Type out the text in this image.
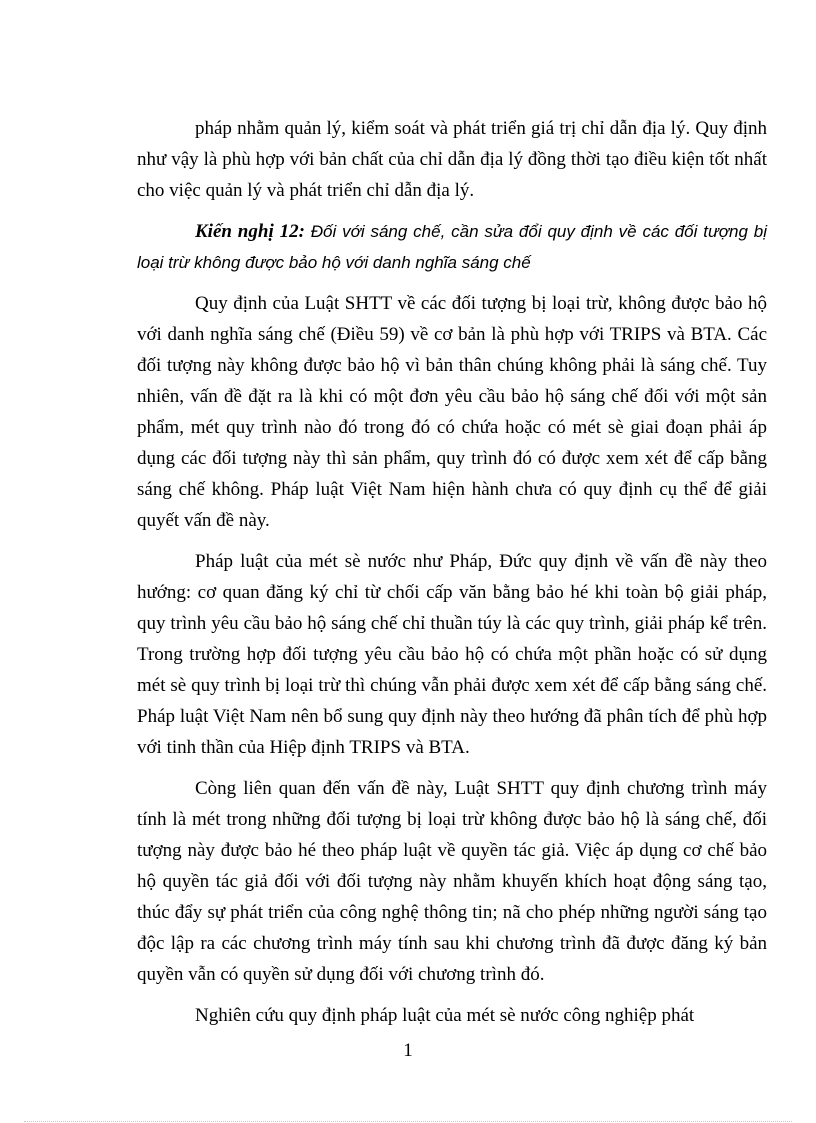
pháp nhằm quản lý, kiểm soát và phát triển giá trị chỉ dẫn địa lý. Quy định như vậy là phù hợp với bản chất của chỉ dẫn địa lý đồng thời tạo điều kiện tốt nhất cho việc quản lý và phát triển chỉ dẫn địa lý.

Kiến nghị 12: Đối với sáng chế, cần sửa đổi quy định về các đối tượng bị loại trừ không được bảo hộ với danh nghĩa sáng chế

Quy định của Luật SHTT về các đối tượng bị loại trừ, không được bảo hộ với danh nghĩa sáng chế (Điều 59) về cơ bản là phù hợp với TRIPS và BTA. Các đối tượng này không được bảo hộ vì bản thân chúng không phải là sáng chế. Tuy nhiên, vấn đề đặt ra là khi có một đơn yêu cầu bảo hộ sáng chế đối với một sản phẩm, mét quy trình nào đó trong đó có chứa hoặc có mét sè giai đoạn phải áp dụng các đối tượng này thì sản phẩm, quy trình đó có được xem xét để cấp bằng sáng chế không. Pháp luật Việt Nam hiện hành chưa có quy định cụ thể để giải quyết vấn đề này.

Pháp luật của mét sè nước như Pháp, Đức quy định về vấn đề này theo hướng: cơ quan đăng ký chỉ từ chối cấp văn bằng bảo hé khi toàn bộ giải pháp, quy trình yêu cầu bảo hộ sáng chế chỉ thuần túy là các quy trình, giải pháp kể trên. Trong trường hợp đối tượng yêu cầu bảo hộ có chứa một phần hoặc có sử dụng mét sè quy trình bị loại trừ thì chúng vẫn phải được xem xét để cấp bằng sáng chế. Pháp luật Việt Nam nên bổ sung quy định này theo hướng đã phân tích để phù hợp với tinh thần của Hiệp định TRIPS và BTA.

Còng liên quan đến vấn đề này, Luật SHTT quy định chương trình máy tính là mét trong những đối tượng bị loại trừ không được bảo hộ là sáng chế, đối tượng này được bảo hé theo pháp luật về quyền tác giả. Việc áp dụng cơ chế bảo hộ quyền tác giả đối với đối tượng này nhằm khuyến khích hoạt động sáng tạo, thúc đẩy sự phát triển của công nghệ thông tin; nã cho phép những người sáng tạo độc lập ra các chương trình máy tính sau khi chương trình đã được đăng ký bản quyền vẫn có quyền sử dụng đối với chương trình đó.

Nghiên cứu quy định pháp luật của mét sè nước công nghiệp phát

1
